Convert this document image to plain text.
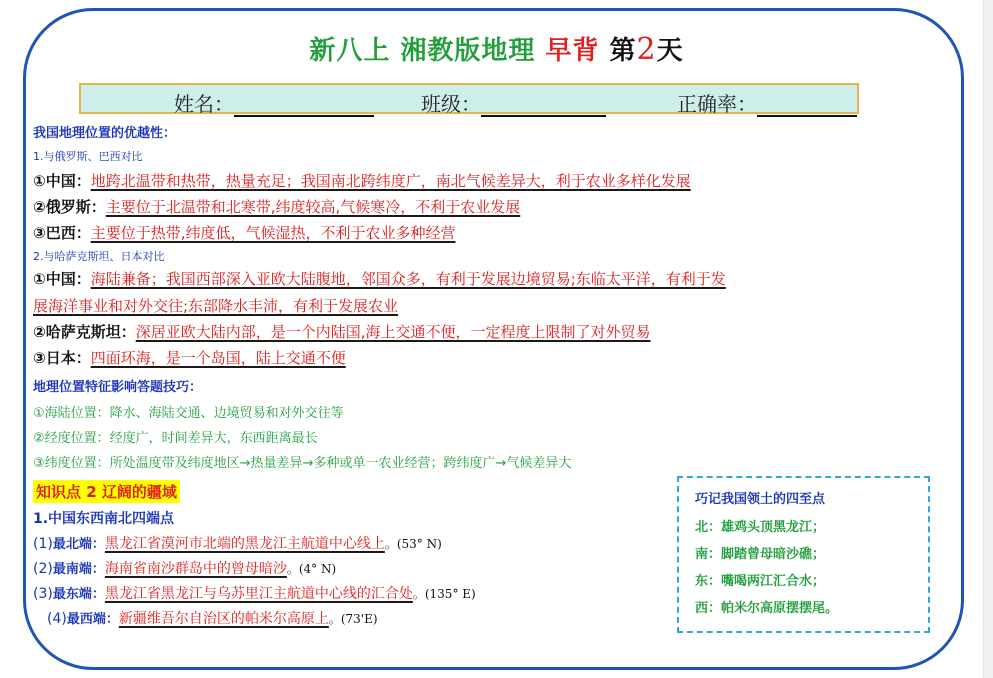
新八上 湘教版地理 早背 第2天
姓名：	班级：	正确率：
我国地理位置的优越性：
1.与俄罗斯、巴西对比
①中国：地跨北温带和热带，热量充足；我国南北跨纬度广，南北气候差异大，利于农业多样化发展
②俄罗斯：主要位于北温带和北寒带,纬度较高,气候寒冷，不利于农业发展
③巴西：主要位于热带,纬度低，气候湿热，不利于农业多种经营
2.与哈萨克斯坦、日本对比
①中国：海陆兼备；我国西部深入亚欧大陆腹地，邻国众多，有利于发展边境贸易;东临太平洋，有利于发
展海洋事业和对外交往;东部降水丰沛，有利于发展农业
②哈萨克斯坦：深居亚欧大陆内部，是一个内陆国,海上交通不便，一定程度上限制了对外贸易
③日本：四面环海，是一个岛国，陆上交通不便
地理位置特征影响答题技巧：
①海陆位置：降水、海陆交通、边境贸易和对外交往等
②经度位置：经度广，时间差异大，东西距离最长
③纬度位置：所处温度带及纬度地区→热量差异→多种或单一农业经营；跨纬度广→气候差异大
知识点 2 辽阔的疆域
1.中国东西南北四端点
(1)最北端：黑龙江省漠河市北端的黑龙江主航道中心线上。(53° N)
(2)最南端：海南省南沙群岛中的曾母暗沙。(4° N)
(3)最东端：黑龙江省黑龙江与乌苏里江主航道中心线的汇合处。(135° E)
(4)最西端：新疆维吾尔自治区的帕米尔高原上。(73'E)
巧记我国领土的四至点
北：雄鸡头顶黑龙江；
南：脚踏曾母暗沙礁；
东：嘴喝两江汇合水；
西：帕米尔高原摆摆尾。
